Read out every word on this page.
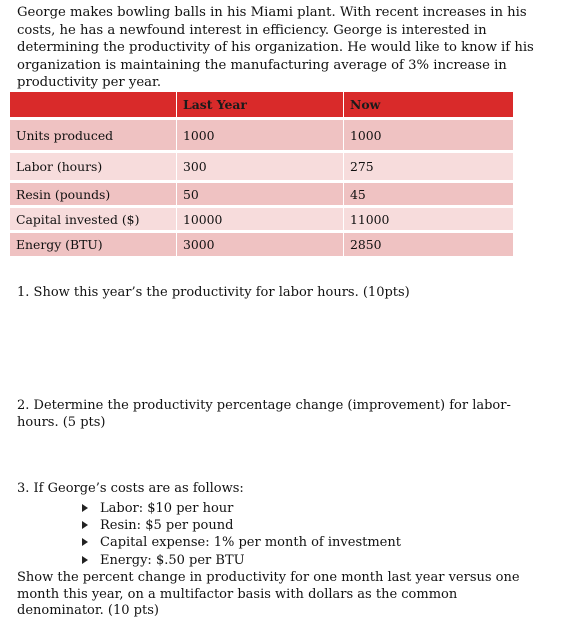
George makes bowling balls in his Miami plant. With recent increases in his costs, he has a newfound interest in efficiency. George is interested in determining the productivity of his organization. He would like to know if his organization is maintaining the manufacturing average of 3% increase in productivity per year.

	Last Year	Now
Units produced	1000	1000
Labor (hours)	300	275
Resin (pounds)	50	45
Capital invested ($)	10000	11000
Energy (BTU)	3000	2850

1. Show this year’s the productivity for labor hours. (10pts)

2. Determine the productivity percentage change (improvement) for labor-hours. (5 pts)

3. If George’s costs are as follows:

Labor: $10 per hour
Resin: $5 per pound
Capital expense: 1% per month of investment
Energy: $.50 per BTU

Show the percent change in productivity for one month last year versus one month this year, on a multifactor basis with dollars as the common denominator. (10 pts)
